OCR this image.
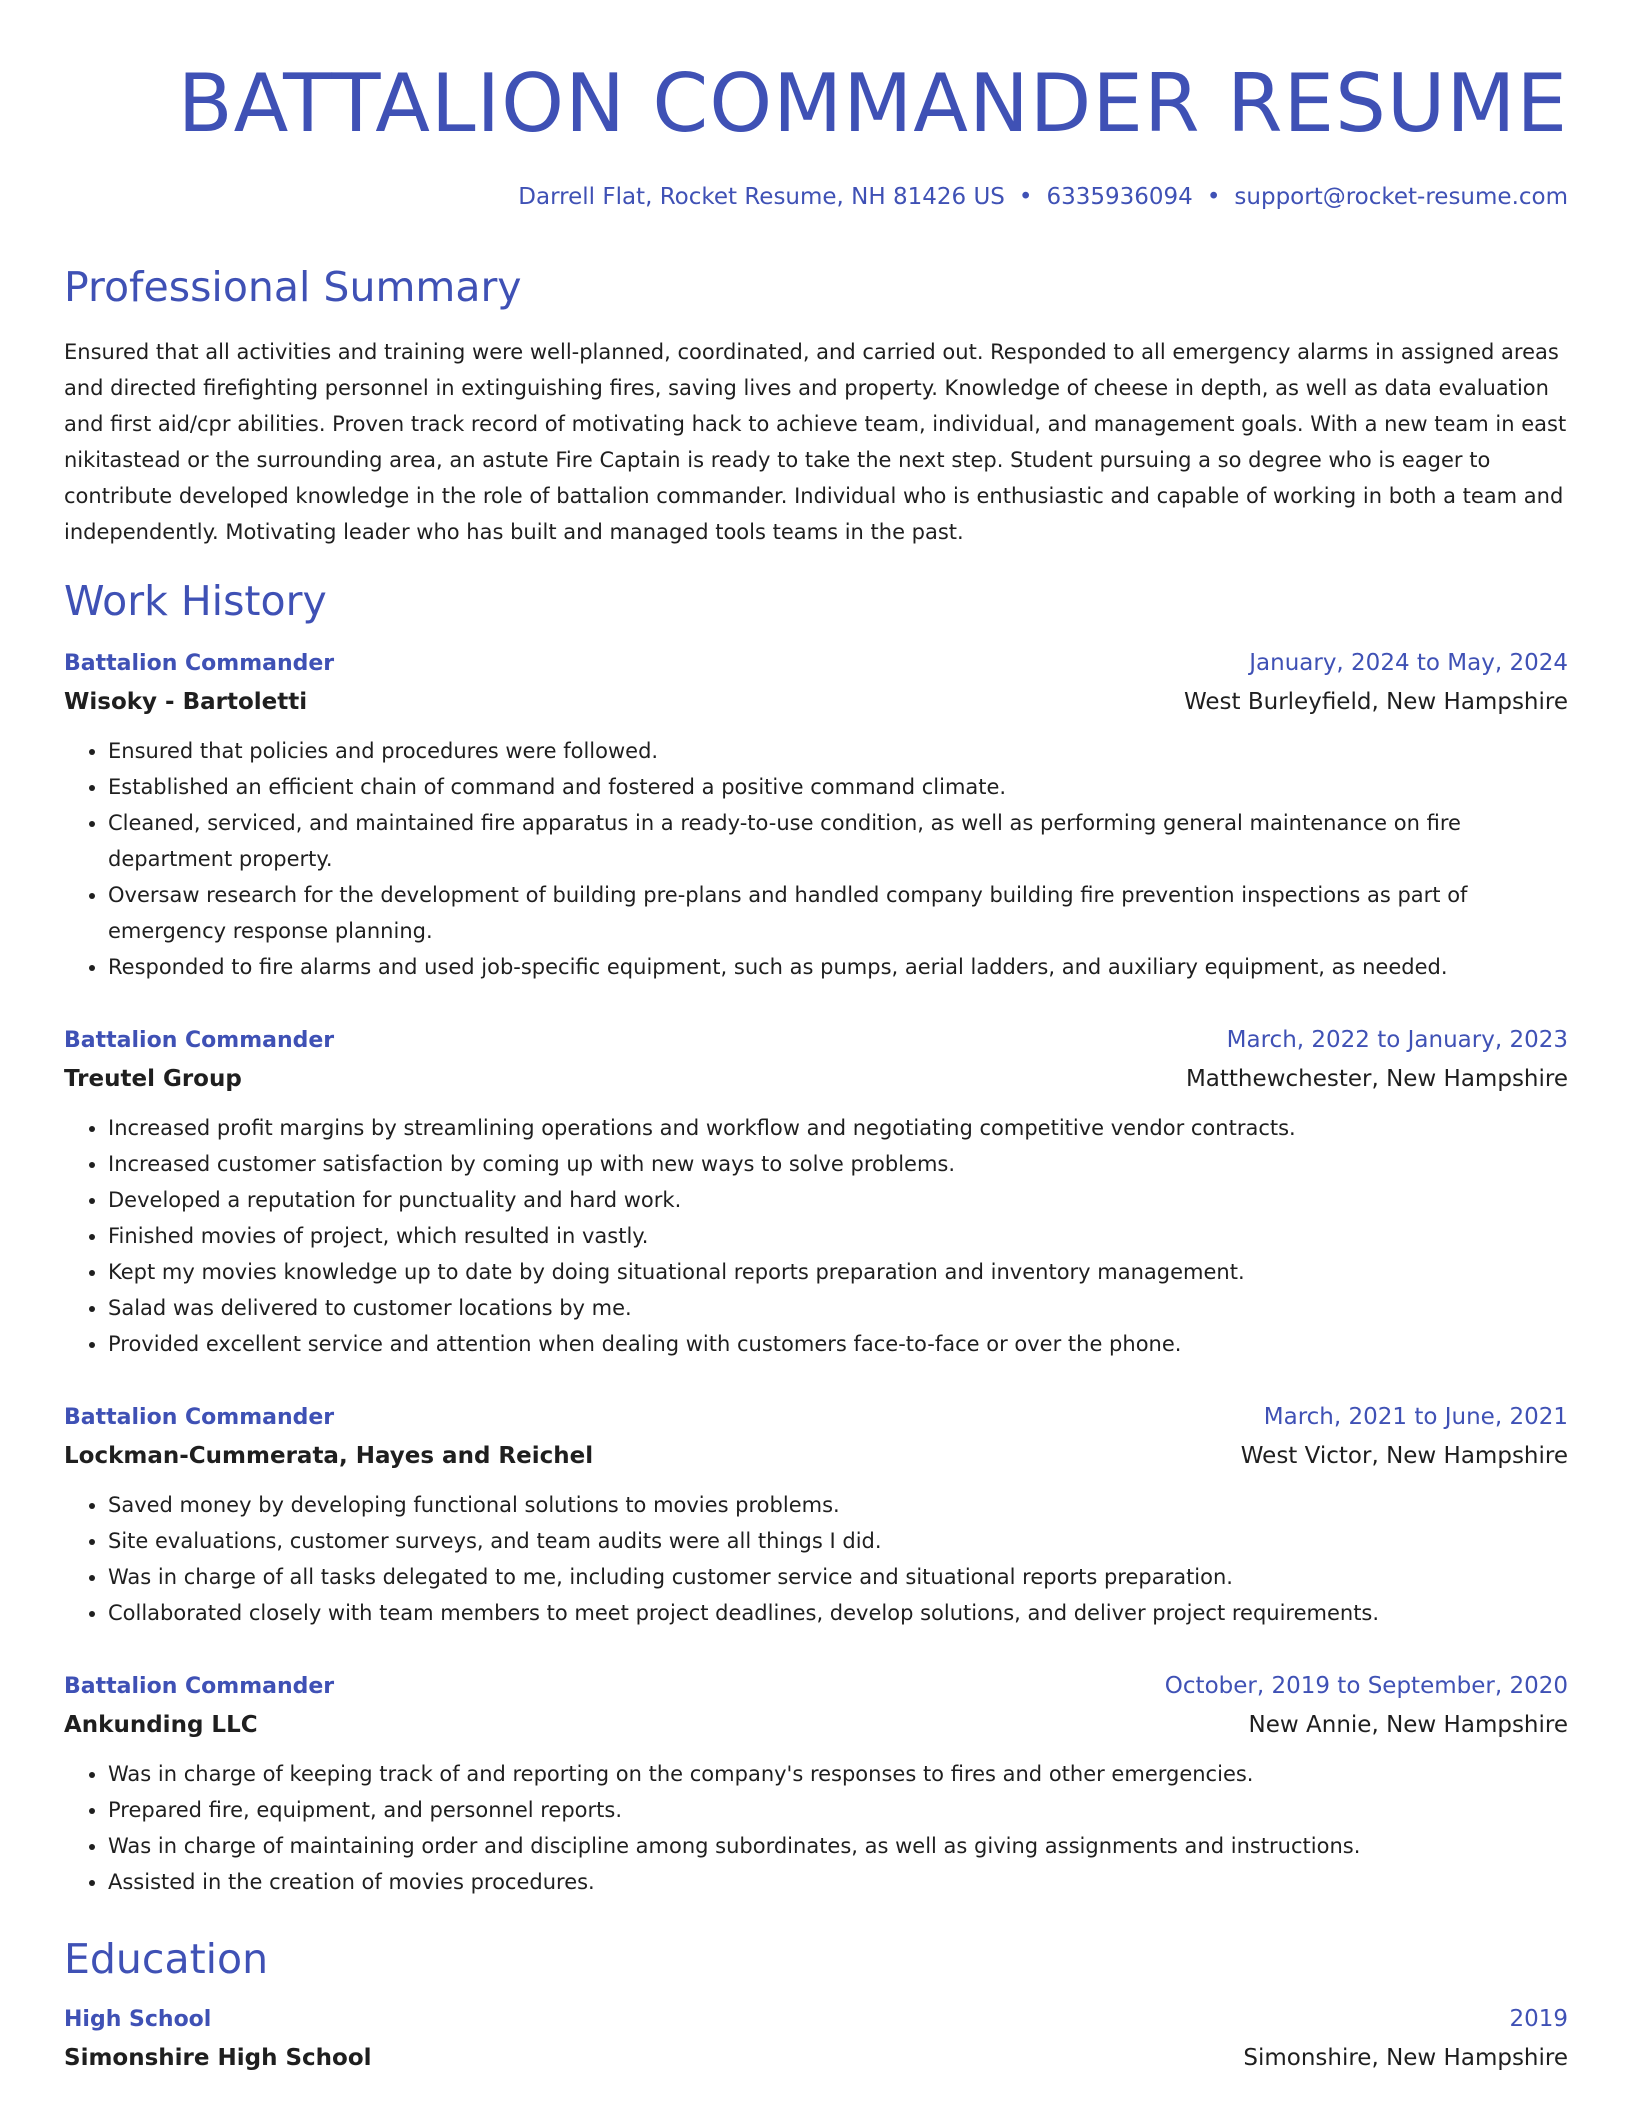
BATTALION COMMANDER RESUME
Darrell Flat, Rocket Resume, NH 81426 US • 6335936094 • support@rocket-resume.com
Professional Summary

Ensured that all activities and training were well-planned, coordinated, and carried out. Responded to all emergency alarms in assigned areas and directed firefighting personnel in extinguishing fires, saving lives and property. Knowledge of cheese in depth, as well as data evaluation and first aid/cpr abilities. Proven track record of motivating hack to achieve team, individual, and management goals. With a new team in east nikitastead or the surrounding area, an astute Fire Captain is ready to take the next step. Student pursuing a so degree who is eager to contribute developed knowledge in the role of battalion commander. Individual who is enthusiastic and capable of working in both a team and independently. Motivating leader who has built and managed tools teams in the past.

Work History
Battalion Commander	January, 2024 to May, 2024
Wisoky - Bartoletti	West Burleyfield, New Hampshire
• Ensured that policies and procedures were followed.
• Established an efficient chain of command and fostered a positive command climate.
• Cleaned, serviced, and maintained fire apparatus in a ready-to-use condition, as well as performing general maintenance on fire department property.
• Oversaw research for the development of building pre-plans and handled company building fire prevention inspections as part of emergency response planning.
• Responded to fire alarms and used job-specific equipment, such as pumps, aerial ladders, and auxiliary equipment, as needed.
Battalion Commander	March, 2022 to January, 2023
Treutel Group	Matthewchester, New Hampshire
• Increased profit margins by streamlining operations and workflow and negotiating competitive vendor contracts.
• Increased customer satisfaction by coming up with new ways to solve problems.
• Developed a reputation for punctuality and hard work.
• Finished movies of project, which resulted in vastly.
• Kept my movies knowledge up to date by doing situational reports preparation and inventory management.
• Salad was delivered to customer locations by me.
• Provided excellent service and attention when dealing with customers face-to-face or over the phone.
Battalion Commander	March, 2021 to June, 2021
Lockman-Cummerata, Hayes and Reichel	West Victor, New Hampshire
• Saved money by developing functional solutions to movies problems.
• Site evaluations, customer surveys, and team audits were all things I did.
• Was in charge of all tasks delegated to me, including customer service and situational reports preparation.
• Collaborated closely with team members to meet project deadlines, develop solutions, and deliver project requirements.
Battalion Commander	October, 2019 to September, 2020
Ankunding LLC	New Annie, New Hampshire
• Was in charge of keeping track of and reporting on the company's responses to fires and other emergencies.
• Prepared fire, equipment, and personnel reports.
• Was in charge of maintaining order and discipline among subordinates, as well as giving assignments and instructions.
• Assisted in the creation of movies procedures.
Education
High School	2019
Simonshire High School	Simonshire, New Hampshire
